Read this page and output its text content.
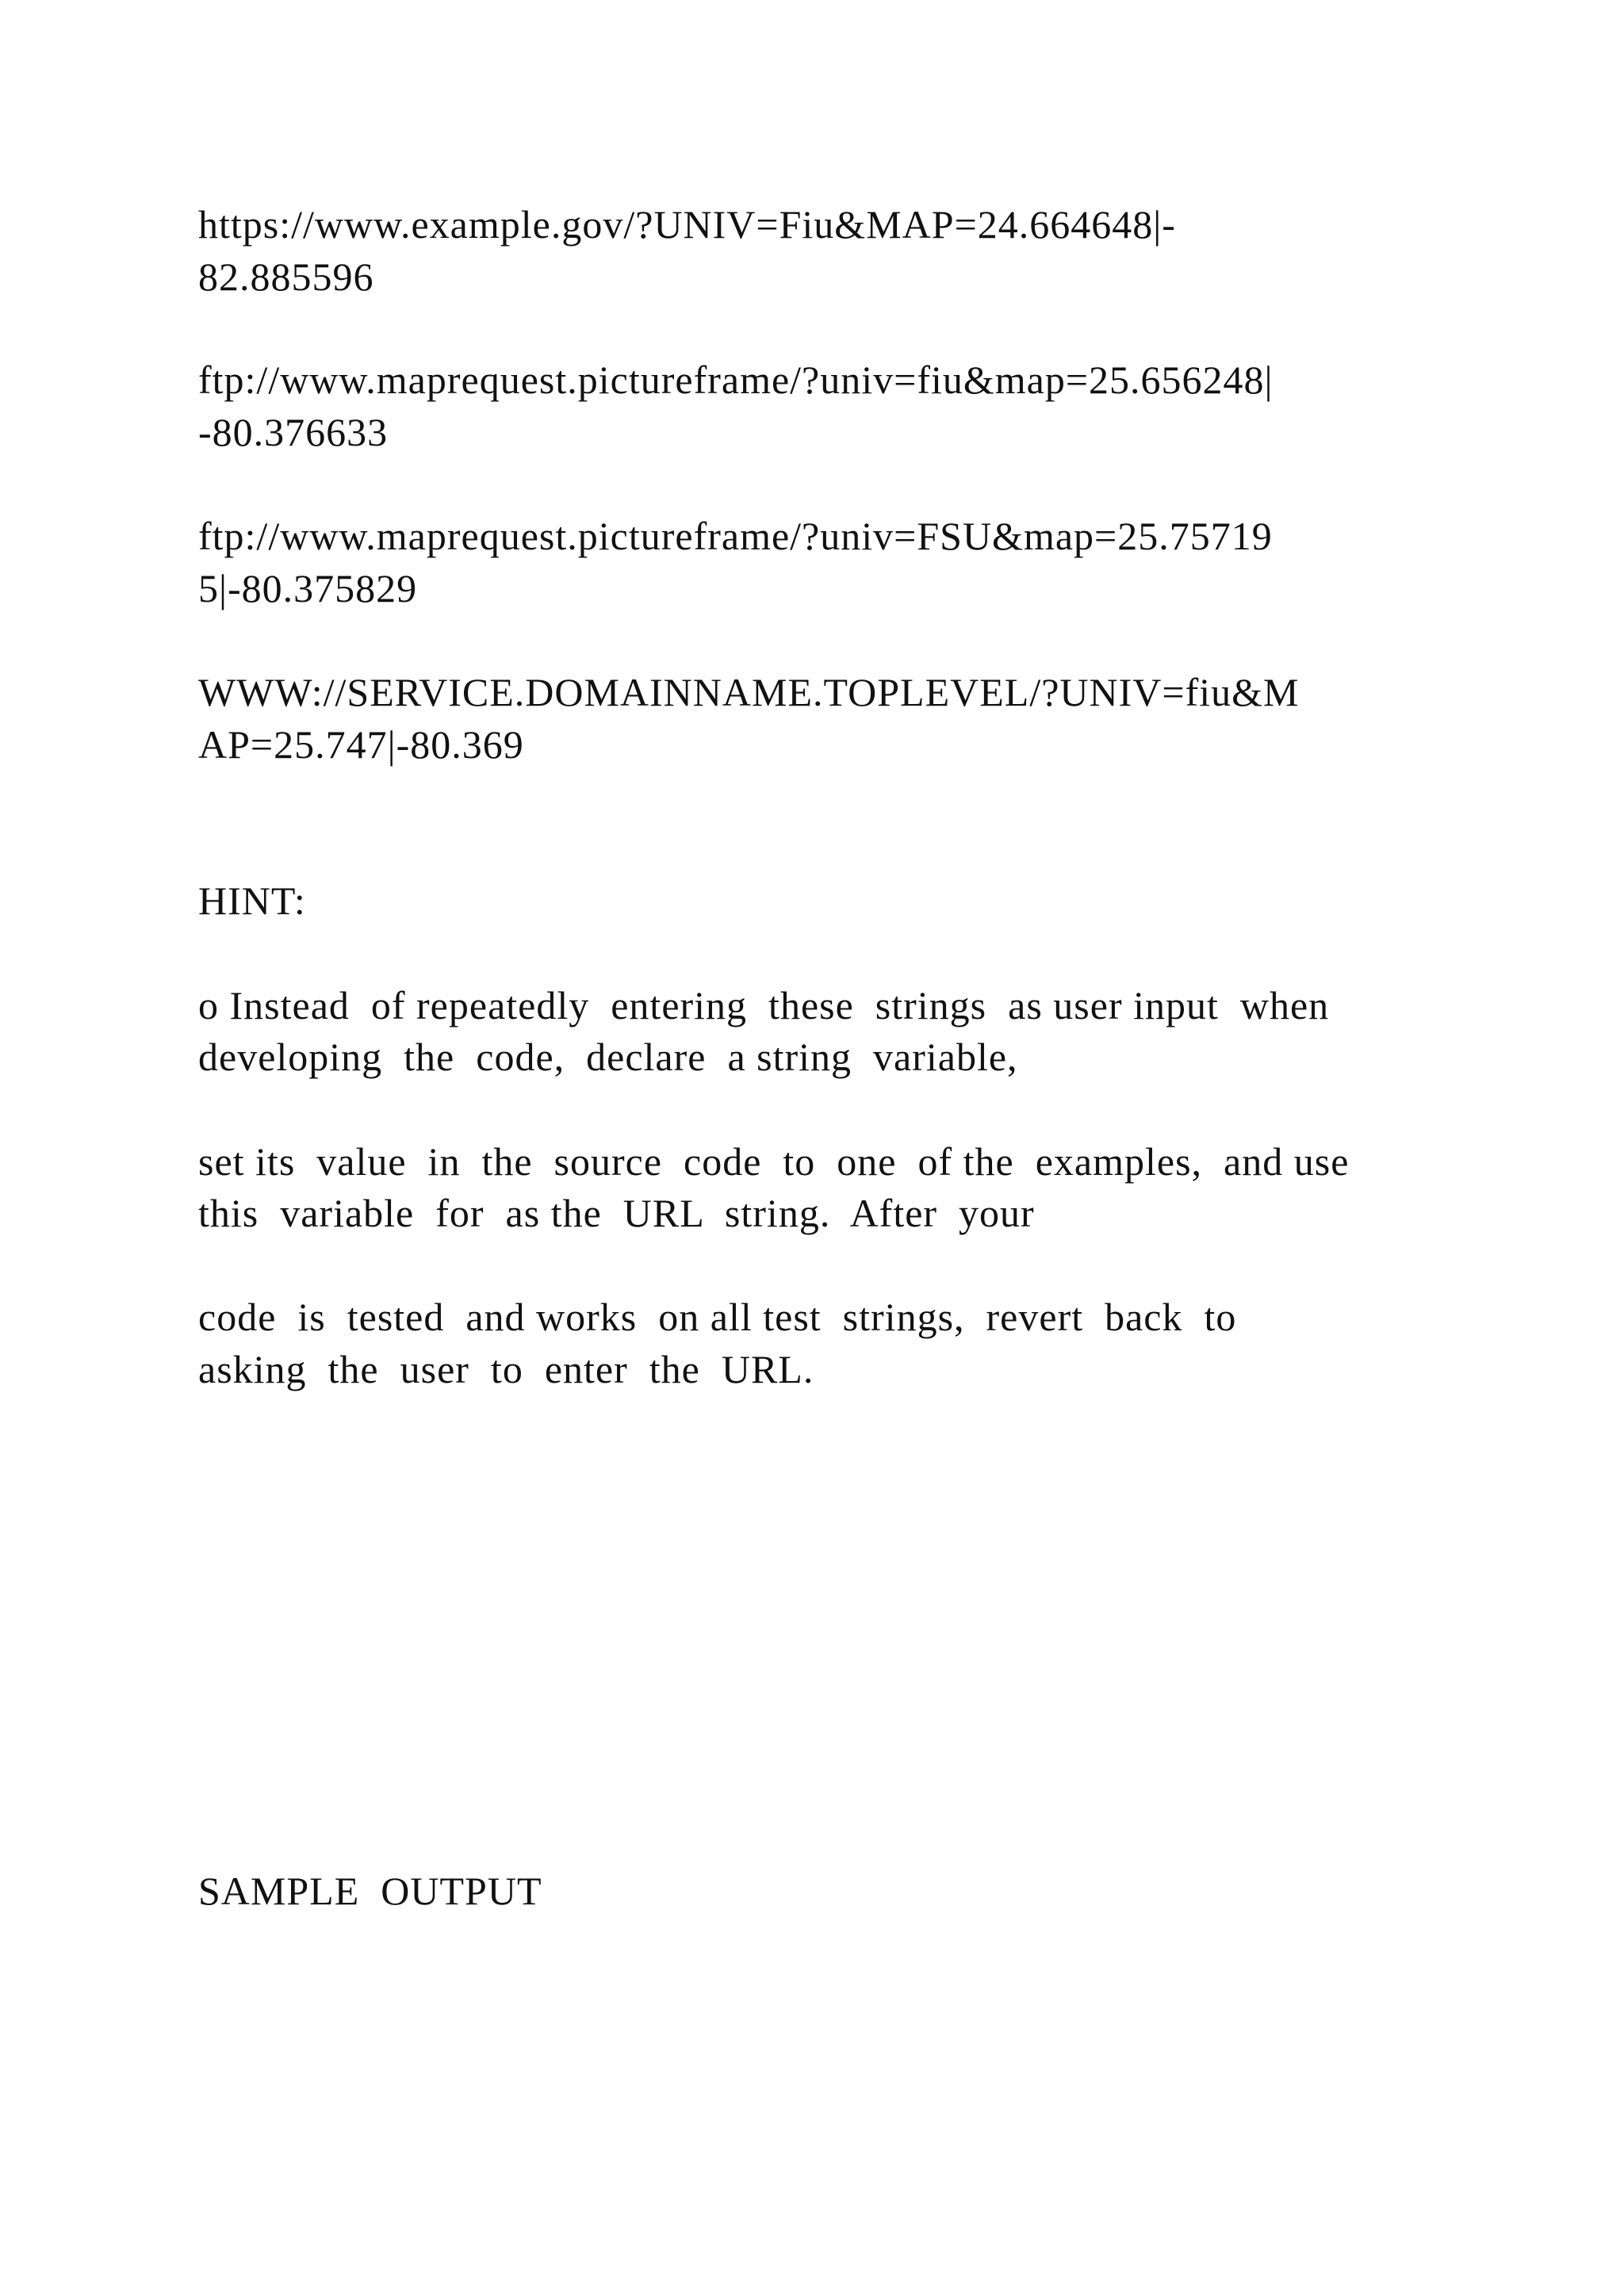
https://www.example.gov/?UNIV=Fiu&MAP=24.664648|-

82.885596

ftp://www.maprequest.pictureframe/?univ=fiu&map=25.656248|

-80.376633

ftp://www.maprequest.pictureframe/?univ=FSU&map=25.75719

5|-80.375829

WWW://SERVICE.DOMAINNAME.TOPLEVEL/?UNIV=fiu&M

AP=25.747|-80.369

HINT:

o Instead  of repeatedly  entering  these  strings  as user input  when

developing  the  code,  declare  a string  variable,

set its  value  in  the  source  code  to  one  of the  examples,  and use

this  variable  for  as the  URL  string.  After  your

code  is  tested  and works  on all test  strings,  revert  back  to

asking  the  user  to  enter  the  URL.

SAMPLE  OUTPUT
